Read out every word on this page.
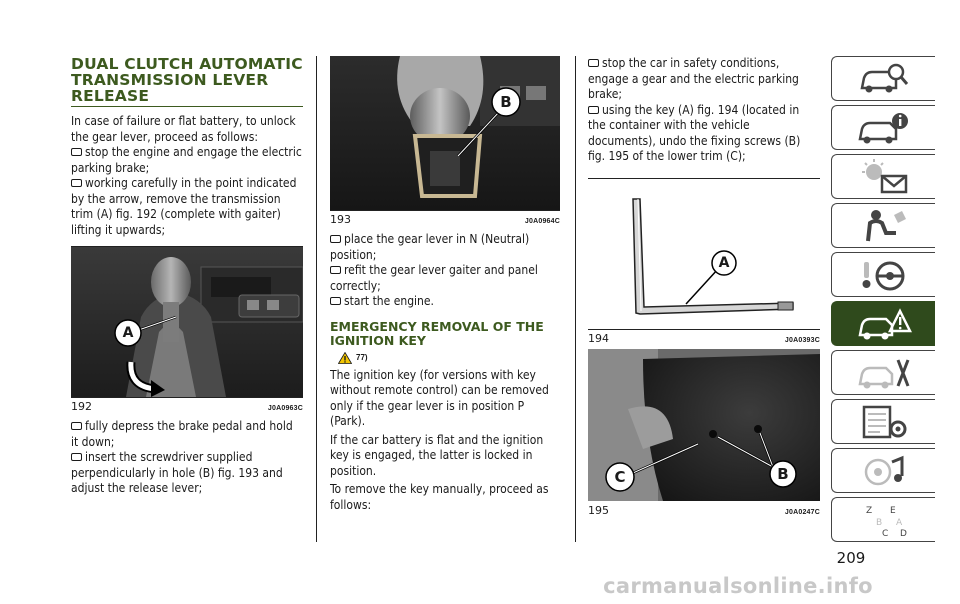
DUAL CLUTCH AUTOMATIC TRANSMISSION LEVER RELEASE

In case of failure or flat battery, to unlock the gear lever, proceed as follows:

stop the engine and engage the electric parking brake;

working carefully in the point indicated by the arrow, remove the transmission trim (A) fig. 192 (complete with gaiter) lifting it upwards;

A
192	J0A0963C

fully depress the brake pedal and hold it down;

insert the screwdriver supplied perpendicularly in hole (B) fig. 193 and adjust the release lever;

B
193	J0A0964C

place the gear lever in N (Neutral) position;

refit the gear lever gaiter and panel correctly;

start the engine.

EMERGENCY REMOVAL OF THE IGNITION KEY
77)

The ignition key (for versions with key without remote control) can be removed only if the gear lever is in position P (Park).

If the car battery is flat and the ignition key is engaged, the latter is locked in position.

To remove the key manually, proceed as follows:

stop the car in safety conditions, engage a gear and the electric parking brake;

using the key (A) fig. 194 (located in the container with the vehicle documents), undo the fixing screws (B) fig. 195 of the lower trim (C);

A
194	J0A0393C
C	B
195	J0A0247C	Z E
B A
C D
209
carmanualsonline.info
